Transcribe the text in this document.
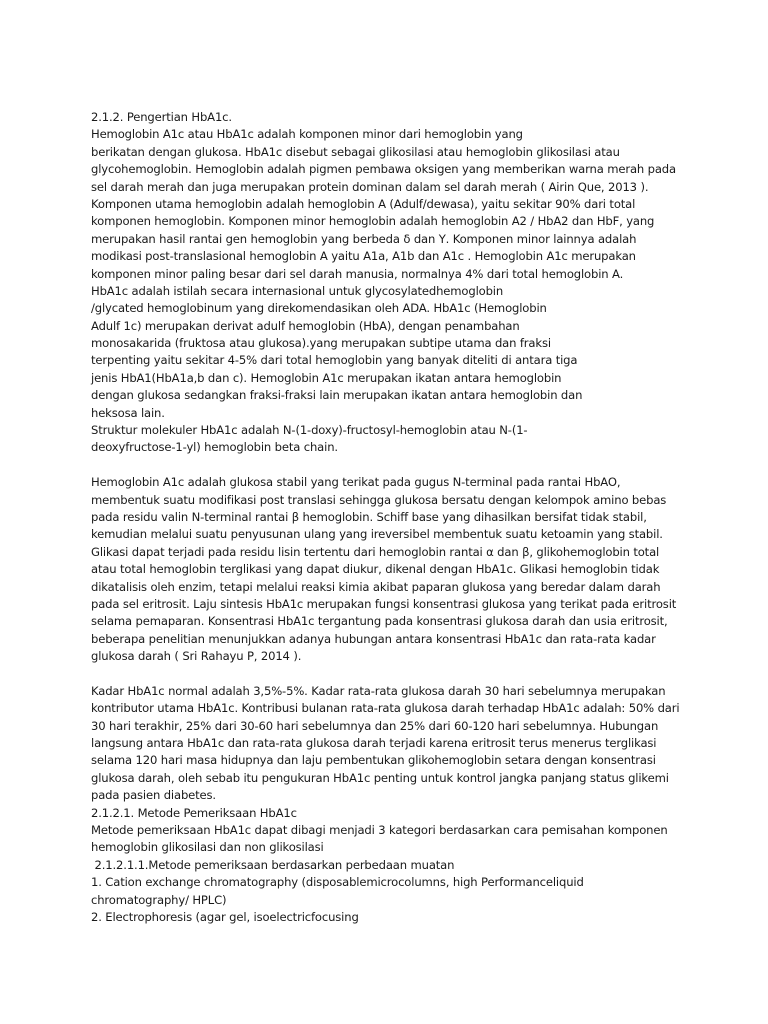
2.1.2. Pengertian HbA1c.
Hemoglobin A1c atau HbA1c adalah komponen minor dari hemoglobin yang
berikatan dengan glukosa. HbA1c disebut sebagai glikosilasi atau hemoglobin glikosilasi atau
glycohemoglobin. Hemoglobin adalah pigmen pembawa oksigen yang memberikan warna merah pada
sel darah merah dan juga merupakan protein dominan dalam sel darah merah ( Airin Que, 2013 ).
Komponen utama hemoglobin adalah hemoglobin A (Adulf/dewasa), yaitu sekitar 90% dari total
komponen hemoglobin. Komponen minor hemoglobin adalah hemoglobin A2 / HbA2 dan HbF, yang
merupakan hasil rantai gen hemoglobin yang berbeda δ dan Υ. Komponen minor lainnya adalah
modikasi post-translasional hemoglobin A yaitu A1a, A1b dan A1c . Hemoglobin A1c merupakan
komponen minor paling besar dari sel darah manusia, normalnya 4% dari total hemoglobin A.
HbA1c adalah istilah secara internasional untuk glycosylatedhemoglobin
/glycated hemoglobinum yang direkomendasikan oleh ADA. HbA1c (Hemoglobin
Adulf 1c) merupakan derivat adulf hemoglobin (HbA), dengan penambahan
monosakarida (fruktosa atau glukosa).yang merupakan subtipe utama dan fraksi
terpenting yaitu sekitar 4-5% dari total hemoglobin yang banyak diteliti di antara tiga
jenis HbA1(HbA1a,b dan c). Hemoglobin A1c merupakan ikatan antara hemoglobin
dengan glukosa sedangkan fraksi-fraksi lain merupakan ikatan antara hemoglobin dan
heksosa lain.
Struktur molekuler HbA1c adalah N-(1-doxy)-fructosyl-hemoglobin atau N-(1-
deoxyfructose-1-yl) hemoglobin beta chain.
Hemoglobin A1c adalah glukosa stabil yang terikat pada gugus N-terminal pada rantai HbAO,
membentuk suatu modifikasi post translasi sehingga glukosa bersatu dengan kelompok amino bebas
pada residu valin N-terminal rantai β hemoglobin. Schiff base yang dihasilkan bersifat tidak stabil,
kemudian melalui suatu penyusunan ulang yang ireversibel membentuk suatu ketoamin yang stabil.
Glikasi dapat terjadi pada residu lisin tertentu dari hemoglobin rantai α dan β, glikohemoglobin total
atau total hemoglobin terglikasi yang dapat diukur, dikenal dengan HbA1c. Glikasi hemoglobin tidak
dikatalisis oleh enzim, tetapi melalui reaksi kimia akibat paparan glukosa yang beredar dalam darah
pada sel eritrosit. Laju sintesis HbA1c merupakan fungsi konsentrasi glukosa yang terikat pada eritrosit
selama pemaparan. Konsentrasi HbA1c tergantung pada konsentrasi glukosa darah dan usia eritrosit,
beberapa penelitian menunjukkan adanya hubungan antara konsentrasi HbA1c dan rata-rata kadar
glukosa darah ( Sri Rahayu P, 2014 ).
Kadar HbA1c normal adalah 3,5%-5%. Kadar rata-rata glukosa darah 30 hari sebelumnya merupakan
kontributor utama HbA1c. Kontribusi bulanan rata-rata glukosa darah terhadap HbA1c adalah: 50% dari
30 hari terakhir, 25% dari 30-60 hari sebelumnya dan 25% dari 60-120 hari sebelumnya. Hubungan
langsung antara HbA1c dan rata-rata glukosa darah terjadi karena eritrosit terus menerus terglikasi
selama 120 hari masa hidupnya dan laju pembentukan glikohemoglobin setara dengan konsentrasi
glukosa darah, oleh sebab itu pengukuran HbA1c penting untuk kontrol jangka panjang status glikemi
pada pasien diabetes.
2.1.2.1. Metode Pemeriksaan HbA1c
Metode pemeriksaan HbA1c dapat dibagi menjadi 3 kategori berdasarkan cara pemisahan komponen
hemoglobin glikosilasi dan non glikosilasi
2.1.2.1.1.Metode pemeriksaan berdasarkan perbedaan muatan
1. Cation exchange chromatography (disposablemicrocolumns, high Performanceliquid
chromatography/ HPLC)
2. Electrophoresis (agar gel, isoelectricfocusing
